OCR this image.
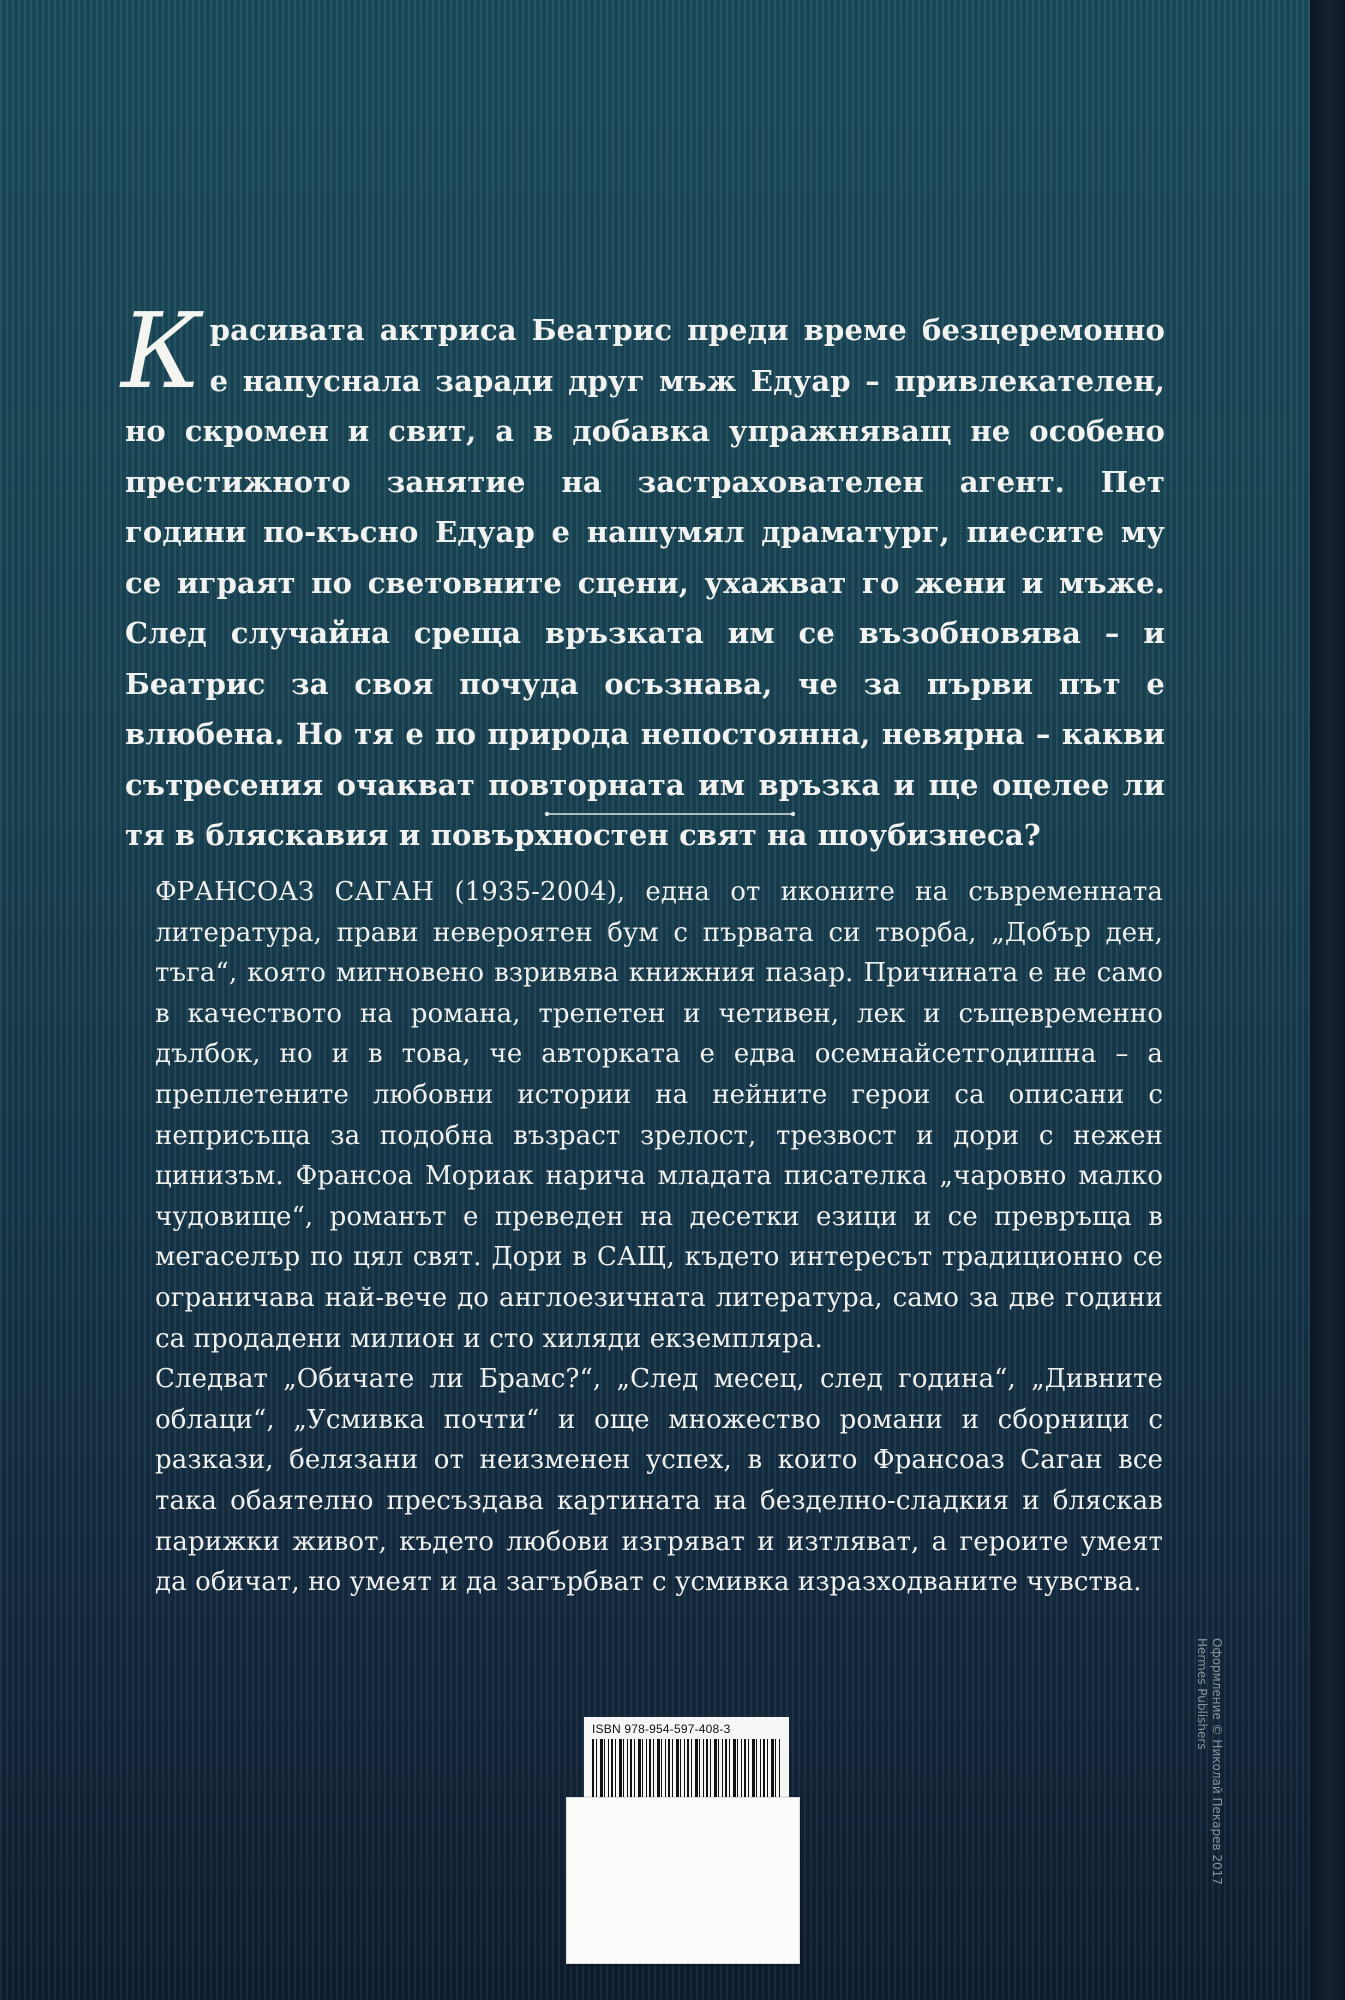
Красивата актриса Беатрис преди време безцеремонно е напуснала заради друг мъж Едуар – привлекателен, но скромен и свит, а в добавка упражняващ не особено престижното занятие на застрахователен агент. Пет години по-късно Едуар е нашумял драматург, пиесите му се играят по световните сцени, ухажват го жени и мъже. След случайна среща връзката им се възобновява – и Беатрис за своя почуда осъзнава, че за първи път е влюбена. Но тя е по природа непостоянна, невярна – какви сътресения очакват повторната им връзка и ще оцелее ли тя в бляскавия и повърхностен свят на шоубизнеса?

ФРАНСОАЗ САГАН (1935-2004), една от иконите на съвременната литература, прави невероятен бум с първата си творба, „Добър ден, тъга“, която мигновено взривява книжния пазар. Причината е не само в качеството на романа, трепетен и четивен, лек и същевременно дълбок, но и в това, че авторката е едва осемнайсетгодишна – а преплетените любовни истории на нейните герои са описани с неприсъща за подобна възраст зрелост, трезвост и дори с нежен цинизъм. Франсоа Мориак нарича младата писателка „чаровно малко чудовище“, романът е преведен на десетки езици и се превръща в мегаселър по цял свят. Дори в САЩ, където интересът традиционно се ограничава най-вече до англоезичната литература, само за две години са продадени милион и сто хиляди екземпляра.

Следват „Обичате ли Брамс?“, „След месец, след година“, „Дивните облаци“, „Усмивка почти“ и още множество романи и сборници с разкази, белязани от неизменен успех, в които Франсоаз Саган все така обаятелно пресъздава картината на безделно-сладкия и бляскав парижки живот, където любови изгряват и изтляват, а героите умеят да обичат, но умеят и да загърбват с усмивка изразходваните чувства.

Оформление © Николай Пекарев 2017
Hermes Publishers
ISBN 978-954-597-408-3
